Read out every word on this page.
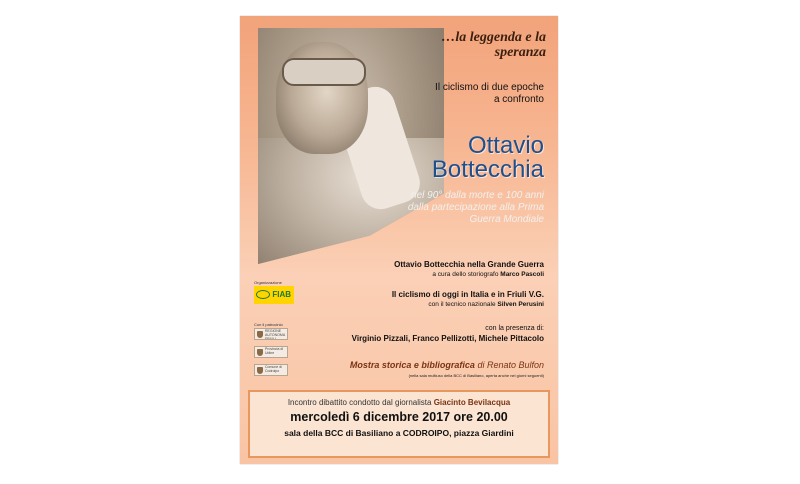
…la leggenda e la speranza
Il ciclismo di due epoche a confronto
Ottavio Bottecchia
nel 90° dalla morte e 100 anni dalla partecipazione alla Prima Guerra Mondiale
Ottavio Bottecchia nella Grande Guerra
a cura dello storiografo Marco Pascoli
Il ciclismo di oggi in Italia e in Friuli V.G.
con il tecnico nazionale Silven Perusini
con la presenza di:
Virginio Pizzali, Franco Pellizotti, Michele Pittacolo
Organizzazione
FIAB
Con il patrocinio
REGIONE AUTONOMA FRIULI
Provincia di Udine
Comune di Codroipo
Mostra storica e bibliografica di Renato Bulfon
(nella sala multiuso della BCC di Basiliano, aperta anche nei giorni seguenti)
Incontro dibattito condotto dal giornalista Giacinto Bevilacqua
mercoledì 6 dicembre 2017 ore 20.00
sala della BCC di Basiliano a CODROIPO, piazza Giardini
